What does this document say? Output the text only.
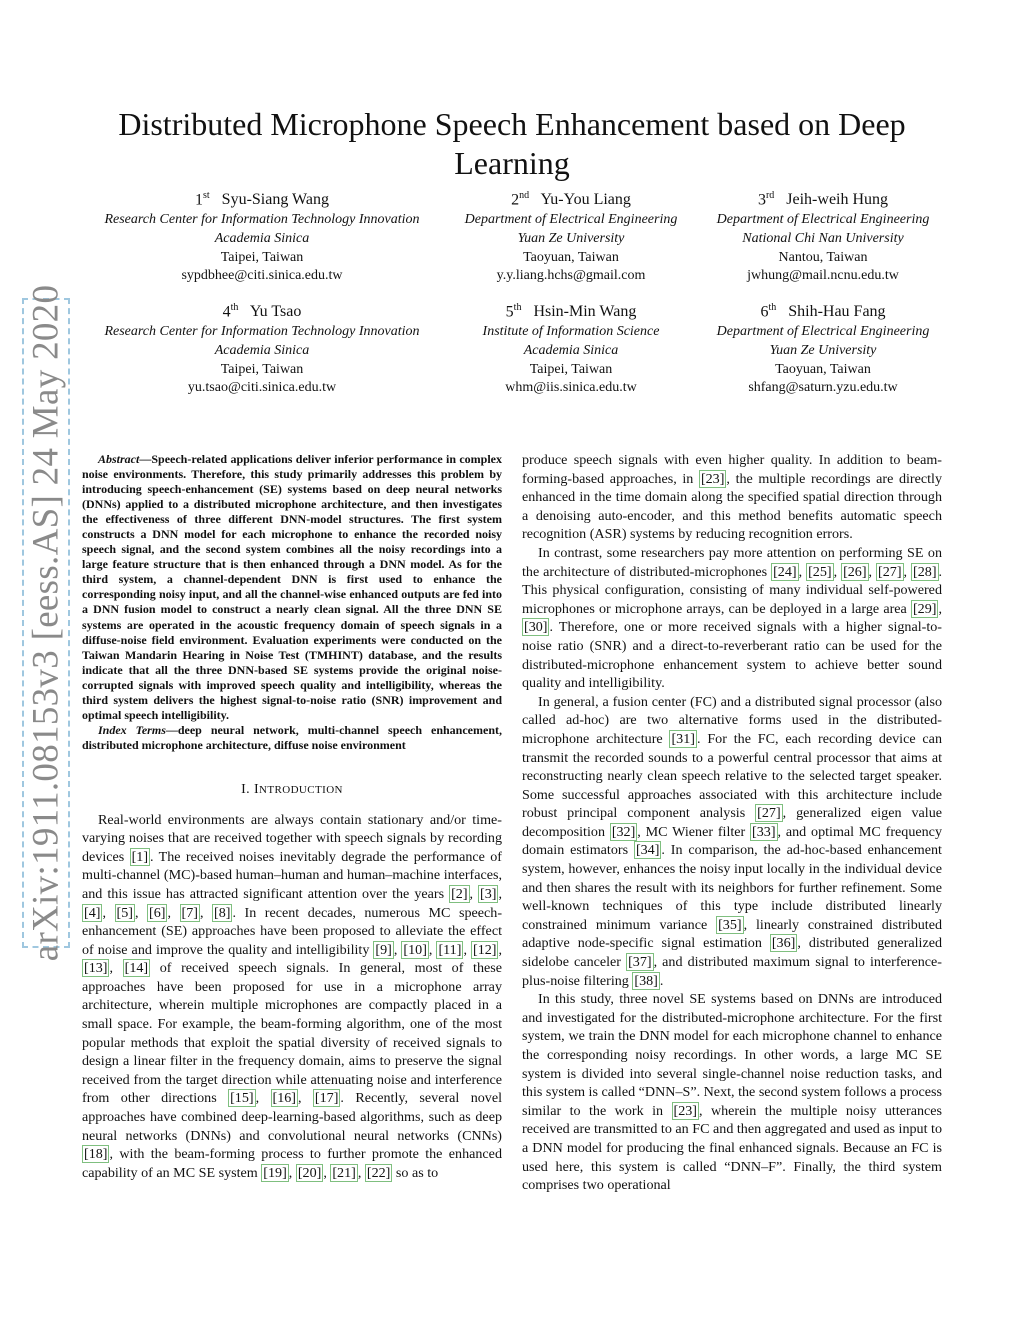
arXiv:1911.08153v3 [eess.AS] 24 May 2020
Distributed Microphone Speech Enhancement based on Deep Learning

Abstract—Speech-related applications deliver inferior performance in complex noise environments. Therefore, this study primarily addresses this problem by introducing speech-enhancement (SE) systems based on deep neural networks (DNNs) applied to a distributed microphone architecture, and then investigates the effectiveness of three different DNN-model structures. The first system constructs a DNN model for each microphone to enhance the recorded noisy speech signal, and the second system combines all the noisy recordings into a large feature structure that is then enhanced through a DNN model. As for the third system, a channel-dependent DNN is first used to enhance the corresponding noisy input, and all the channel-wise enhanced outputs are fed into a DNN fusion model to construct a nearly clean signal. All the three DNN SE systems are operated in the acoustic frequency domain of speech signals in a diffuse-noise field environment. Evaluation experiments were conducted on the Taiwan Mandarin Hearing in Noise Test (TMHINT) database, and the results indicate that all the three DNN-based SE systems provide the original noise-corrupted signals with improved speech quality and intelligibility, whereas the third system delivers the highest signal-to-noise ratio (SNR) improvement and optimal speech intelligibility.

Index Terms—deep neural network, multi-channel speech enhancement, distributed microphone architecture, diffuse noise environment

I. INTRODUCTION

Real-world environments are always contain stationary and/or time-varying noises that are received together with speech signals by recording devices [1] . The received noises inevitably degrade the performance of multi-channel (MC)-based human–human and human–machine interfaces, and this issue has attracted significant attention over the years [2] , [3] , [4] , [5] , [6] , [7] , [8] . In recent decades, numerous MC speech-enhancement (SE) approaches have been proposed to alleviate the effect of noise and improve the quality and intelligibility [9] , [10] , [11] , [12] , [13] , [14] of received speech signals. In general, most of these approaches have been proposed for use in a microphone array architecture, wherein multiple microphones are compactly placed in a small space. For example, the beam-forming algorithm, one of the most popular methods that exploit the spatial diversity of received signals to design a linear filter in the frequency domain, aims to preserve the signal received from the target direction while attenuating noise and interference from other directions [15] , [16] , [17] . Recently, several novel approaches have combined deep-learning-based algorithms, such as deep neural networks (DNNs) and convolutional neural networks (CNNs) [18] , with the beam-forming process to further promote the enhanced capability of an MC SE system [19] , [20] , [21] , [22] so as to

produce speech signals with even higher quality. In addition to beam-forming-based approaches, in [23] , the multiple recordings are directly enhanced in the time domain along the specified spatial direction through a denoising auto-encoder, and this method benefits automatic speech recognition (ASR) systems by reducing recognition errors.

In contrast, some researchers pay more attention on performing SE on the architecture of distributed-microphones [24] , [25] , [26] , [27] , [28] . This physical configuration, consisting of many individual self-powered microphones or microphone arrays, can be deployed in a large area [29] , [30] . Therefore, one or more received signals with a higher signal-to-noise ratio (SNR) and a direct-to-reverberant ratio can be used for the distributed-microphone enhancement system to achieve better sound quality and intelligibility.

In general, a fusion center (FC) and a distributed signal processor (also called ad-hoc) are two alternative forms used in the distributed-microphone architecture [31] . For the FC, each recording device can transmit the recorded sounds to a powerful central processor that aims at reconstructing nearly clean speech relative to the selected target speaker. Some successful approaches associated with this architecture include robust principal component analysis [27] , generalized eigen value decomposition [32] , MC Wiener filter [33] , and optimal MC frequency domain estimators [34] . In comparison, the ad-hoc-based enhancement system, however, enhances the noisy input locally in the individual device and then shares the result with its neighbors for further refinement. Some well-known techniques of this type include distributed linearly constrained minimum variance [35] , linearly constrained distributed adaptive node-specific signal estimation [36] , distributed generalized sidelobe canceler [37] , and distributed maximum signal to interference-plus-noise filtering [38] .

In this study, three novel SE systems based on DNNs are introduced and investigated for the distributed-microphone architecture. For the first system, we train the DNN model for each microphone channel to enhance the corresponding noisy recordings. In other words, a large MC SE system is divided into several single-channel noise reduction tasks, and this system is called “DNN–S”. Next, the second system follows a process similar to the work in [23] , wherein the multiple noisy utterances received are transmitted to an FC and then aggregated and used as input to a DNN model for producing the final enhanced signals. Because an FC is used here, this system is called “DNN–F”. Finally, the third system comprises two operational

1st Syu-Siang Wang
Research Center for Information Technology Innovation
Academia Sinica
Taipei, Taiwan
sypdbhee@citi.sinica.edu.tw
2nd Yu-You Liang
Department of Electrical Engineering
Yuan Ze University
Taoyuan, Taiwan
y.y.liang.hchs@gmail.com
3rd Jeih-weih Hung
Department of Electrical Engineering
National Chi Nan University
Nantou, Taiwan
jwhung@mail.ncnu.edu.tw
4th Yu Tsao
Research Center for Information Technology Innovation
Academia Sinica
Taipei, Taiwan
yu.tsao@citi.sinica.edu.tw
5th Hsin-Min Wang
Institute of Information Science
Academia Sinica
Taipei, Taiwan
whm@iis.sinica.edu.tw
6th Shih-Hau Fang
Department of Electrical Engineering
Yuan Ze University
Taoyuan, Taiwan
shfang@saturn.yzu.edu.tw
